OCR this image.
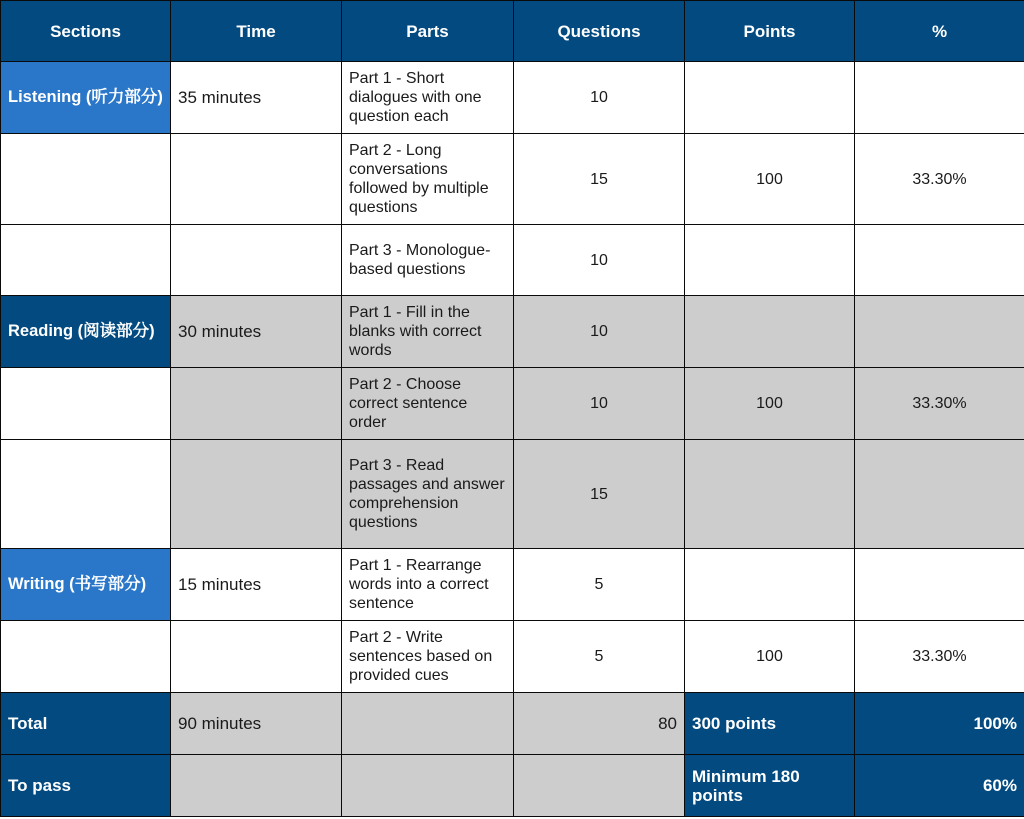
Sections	Time	Parts	Questions	Points	%
Listening (听力部分)	35 minutes	Part 1 - Short dialogues with one question each	10		
		Part 2 - Long conversations followed by multiple questions	15	100	33.30%
		Part 3 - Monologue-based questions	10		
Reading (阅读部分)	30 minutes	Part 1 - Fill in the blanks with correct words	10		
		Part 2 - Choose correct sentence order	10	100	33.30%
		Part 3 - Read passages and answer comprehension questions	15		
Writing (书写部分)	15 minutes	Part 1 - Rearrange words into a correct sentence	5		
		Part 2 - Write sentences based on provided cues	5	100	33.30%
Total	90 minutes		80	300 points	100%
To pass				Minimum 180 points	60%
